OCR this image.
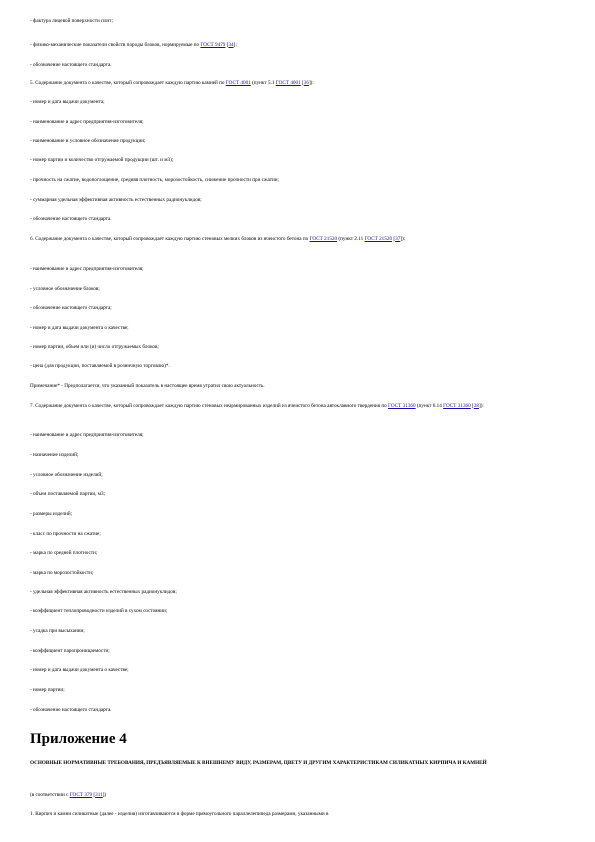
- фактура лицевой поверхности плит;
- физико-механические показатели свойств породы блоков, нормируемые по ГОСТ 9479 [34];
- обозначение настоящего стандарта.
5. Содержание документа о качестве, который сопровождает каждую партию камней по ГОСТ 4001 (пункт 5.1 ГОСТ 4001 [36]):
- номер и дата выдачи документа;
- наименование и адрес предприятия-изготовителя;
- наименование и условное обозначение продукции;
- номер партии и количество отгружаемой продукции (шт. и м3);
- прочность на сжатие, водопоглощение, средняя плотность, морозостойкость, снижение прочности при сжатии;
- суммарная удельная эффективная активность естественных радионуклидов;
- обозначение настоящего стандарта.
6. Содержание документа о качестве, который сопровождает каждую партию стеновых мелких блоков из ячеистого бетона по ГОСТ 21520 (пункт 2.11 ГОСТ 21520 [37]):
- наименование и адрес предприятия-изготовителя;
- условное обозначение блоков;
- обозначение настоящего стандарта;
- номер и дата выдачи документа о качестве;
- номер партии, объем или (и) число отгружаемых блоков;
- цена (для продукции, поставляемой в розничную торговлю)*.
Примечание* - Предполагается, что указанный показатель в настоящее время утратил свою актуальность.
7. Содержание документа о качестве, который сопровождает каждую партию стеновых неармированных изделий из ячеистого бетона автоклавного твердения по ГОСТ 31360 (пункт 6.14 ГОСТ 31360 [38]):
- наименование и адрес предприятия-изготовителя;
- назначение изделий;
- условное обозначение изделий;
- объем поставляемой партии, м3;
- размеры изделий;
- класс по прочности на сжатие;
- марка по средней плотности;
- марка по морозостойкости;
- удельная эффективная активность естественных радионуклидов;
- коэффициент теплопроводности изделий в сухом состоянии;
- усадка при высыхании;
- коэффициент паропроницаемости;
- номер и дата выдачи документа о качестве;
- номер партии;
- обозначение настоящего стандарта.
Приложение 4
ОСНОВНЫЕ НОРМАТИВНЫЕ ТРЕБОВАНИЯ, ПРЕДЪЯВЛЯЕМЫЕ К ВНЕШНЕМУ ВИДУ, РАЗМЕРАМ, ЦВЕТУ И ДРУГИМ ХАРАКТЕРИСТИКАМ СИЛИКАТНЫХ КИРПИЧА И КАМНЕЙ
(в соответствии с ГОСТ 379 [311])
1. Кирпич и камни силикатные (далее - изделия) изготавливаются в форме прямоугольного параллелепипеда размерами, указанными в
